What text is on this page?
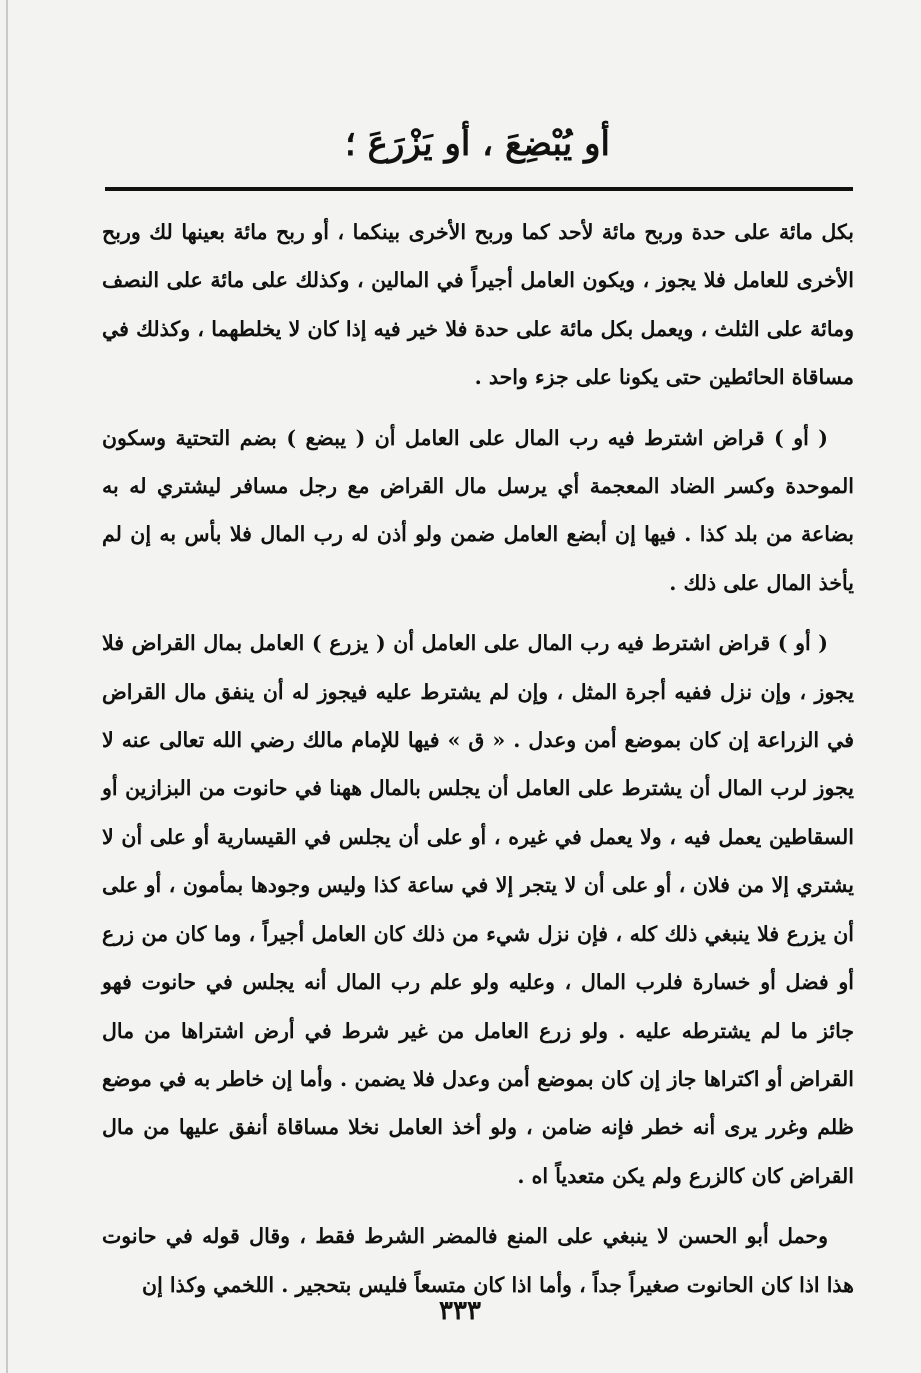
أو يُبْضِعَ ، أو يَزْرَعَ ؛

بكل مائة على حدة وربح مائة لأحد كما وربح الأخرى بينكما ، أو ربح مائة بعينها لك وربح الأخرى للعامل فلا يجوز ، ويكون العامل أجيراً في المالين ، وكذلك على مائة على النصف ومائة على الثلث ، ويعمل بكل مائة على حدة فلا خير فيه إذا كان لا يخلطهما ، وكذلك في مساقاة الحائطين حتى يكونا على جزء واحد .

( أو ) قراض اشترط فيه رب المال على العامل أن ( يبضع ) بضم التحتية وسكون الموحدة وكسر الضاد المعجمة أي يرسل مال القراض مع رجل مسافر ليشتري له به بضاعة من بلد كذا . فيها إن أبضع العامل ضمن ولو أذن له رب المال فلا بأس به إن لم يأخذ المال على ذلك .

( أو ) قراض اشترط فيه رب المال على العامل أن ( يزرع ) العامل بمال القراض فلا يجوز ، وإن نزل ففيه أجرة المثل ، وإن لم يشترط عليه فيجوز له أن ينفق مال القراض في الزراعة إن كان بموضع أمن وعدل . « ق » فيها للإمام مالك رضي الله تعالى عنه لا يجوز لرب المال أن يشترط على العامل أن يجلس بالمال ههنا في حانوت من البزازين أو السقاطين يعمل فيه ، ولا يعمل في غيره ، أو على أن يجلس في القيسارية أو على أن لا يشتري إلا من فلان ، أو على أن لا يتجر إلا في ساعة كذا وليس وجودها بمأمون ، أو على أن يزرع فلا ينبغي ذلك كله ، فإن نزل شيء من ذلك كان العامل أجيراً ، وما كان من زرع أو فضل أو خسارة فلرب المال ، وعليه ولو علم رب المال أنه يجلس في حانوت فهو جائز ما لم يشترطه عليه . ولو زرع العامل من غير شرط في أرض اشتراها من مال القراض أو اكتراها جاز إن كان بموضع أمن وعدل فلا يضمن . وأما إن خاطر به في موضع ظلم وغرر يرى أنه خطر فإنه ضامن ، ولو أخذ العامل نخلا مساقاة أنفق عليها من مال القراض كان كالزرع ولم يكن متعدياً اه .

وحمل أبو الحسن لا ينبغي على المنع فالمضر الشرط فقط ، وقال قوله في حانوت هذا اذا كان الحانوت صغيراً جداً ، وأما اذا كان متسعاً فليس بتحجير . اللخمي وكذا إن

٣٣٣
